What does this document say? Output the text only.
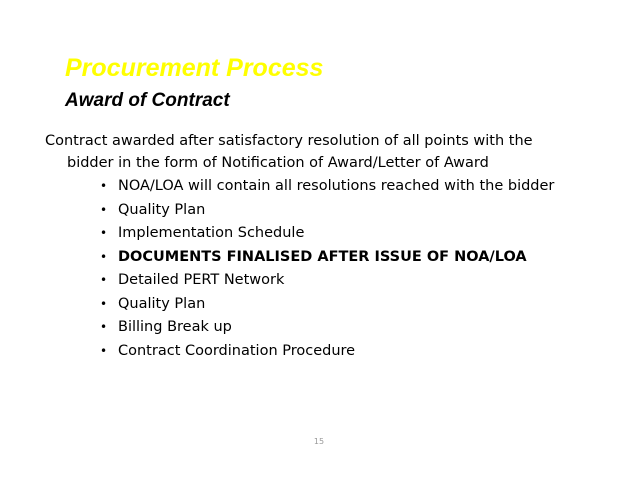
Procurement Process
Award of Contract
Contract awarded after satisfactory resolution of all points with the
bidder in the form of Notification of Award/Letter of Award
• NOA/LOA will contain all resolutions reached with the bidder
• Quality Plan
• Implementation Schedule
• DOCUMENTS FINALISED AFTER ISSUE OF NOA/LOA
• Detailed PERT Network
• Quality Plan
• Billing Break up
• Contract Coordination Procedure
15
